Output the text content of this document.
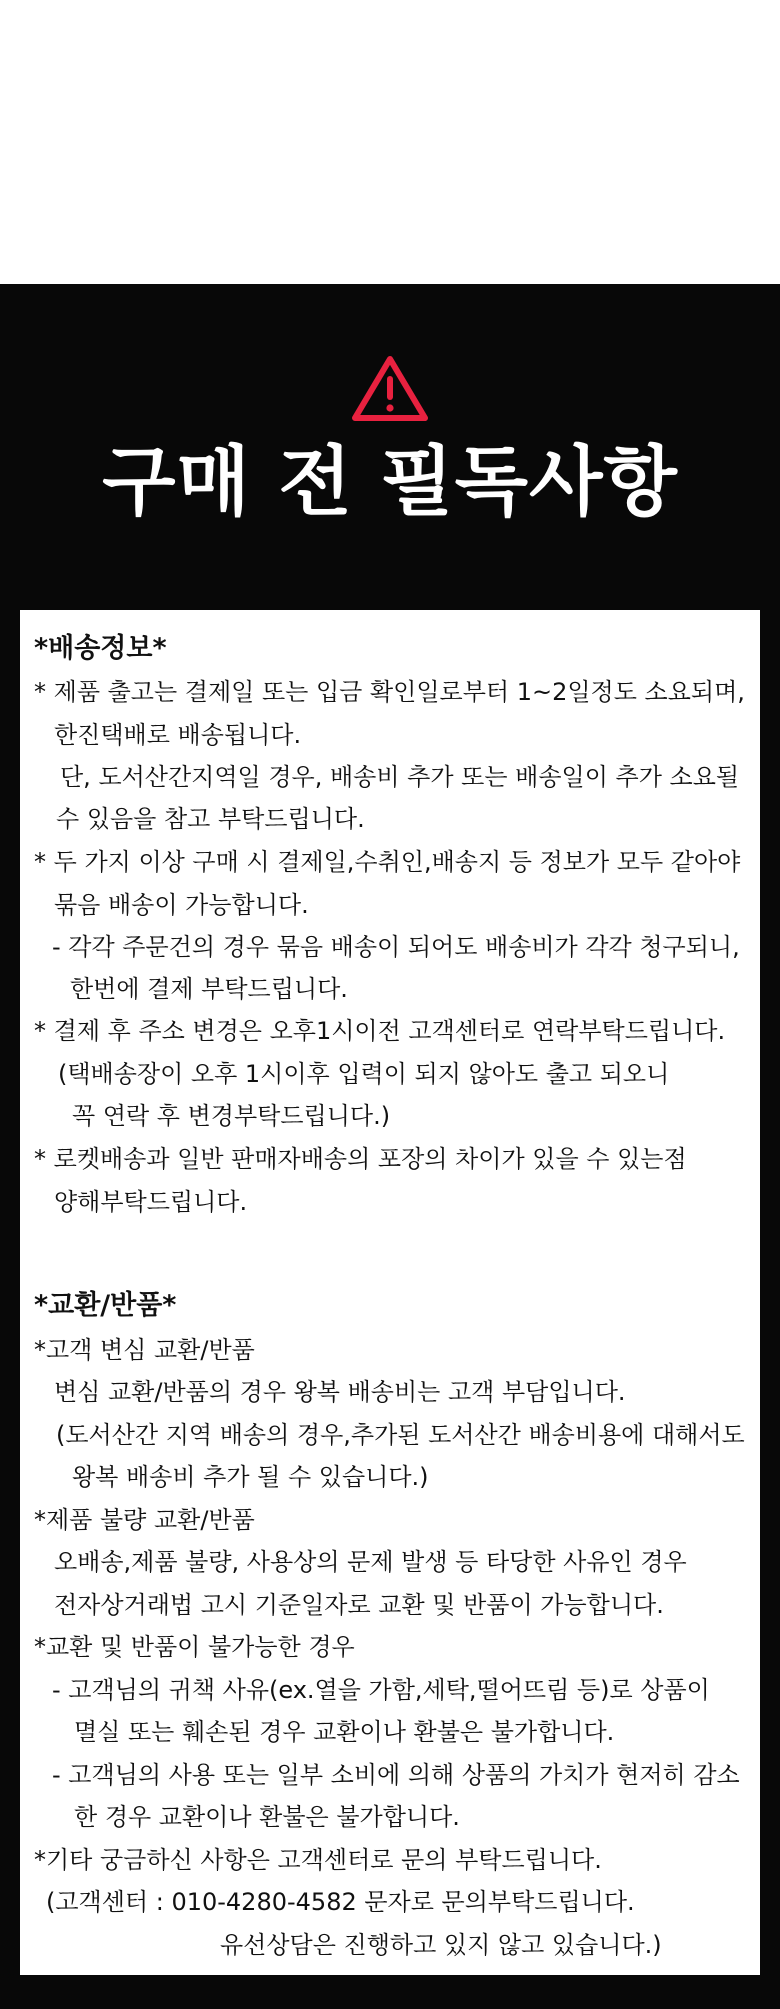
구매 전 필독사항
*배송정보*
* 제품 출고는 결제일 또는 입금 확인일로부터 1~2일정도 소요되며,
한진택배로 배송됩니다.
단, 도서산간지역일 경우, 배송비 추가 또는 배송일이 추가 소요될
수 있음을 참고 부탁드립니다.
* 두 가지 이상 구매 시 결제일,수취인,배송지 등 정보가 모두 같아야
묶음 배송이 가능합니다.
- 각각 주문건의 경우 묶음 배송이 되어도 배송비가 각각 청구되니,
한번에 결제 부탁드립니다.
* 결제 후 주소 변경은 오후1시이전 고객센터로 연락부탁드립니다.
(택배송장이 오후 1시이후 입력이 되지 않아도 출고 되오니
꼭 연락 후 변경부탁드립니다.)
* 로켓배송과 일반 판매자배송의 포장의 차이가 있을 수 있는점
양해부탁드립니다.
*교환/반품*
*고객 변심 교환/반품
변심 교환/반품의 경우 왕복 배송비는 고객 부담입니다.
(도서산간 지역 배송의 경우,추가된 도서산간 배송비용에 대해서도
왕복 배송비 추가 될 수 있습니다.)
*제품 불량 교환/반품
오배송,제품 불량, 사용상의 문제 발생 등 타당한 사유인 경우
전자상거래법 고시 기준일자로 교환 및 반품이 가능합니다.
*교환 및 반품이 불가능한 경우
- 고객님의 귀책 사유(ex.열을 가함,세탁,떨어뜨림 등)로 상품이
멸실 또는 훼손된 경우 교환이나 환불은 불가합니다.
- 고객님의 사용 또는 일부 소비에 의해 상품의 가치가 현저히 감소
한 경우 교환이나 환불은 불가합니다.
*기타 궁금하신 사항은 고객센터로 문의 부탁드립니다.
(고객센터 : 010-4280-4582 문자로 문의부탁드립니다.
유선상담은 진행하고 있지 않고 있습니다.)
